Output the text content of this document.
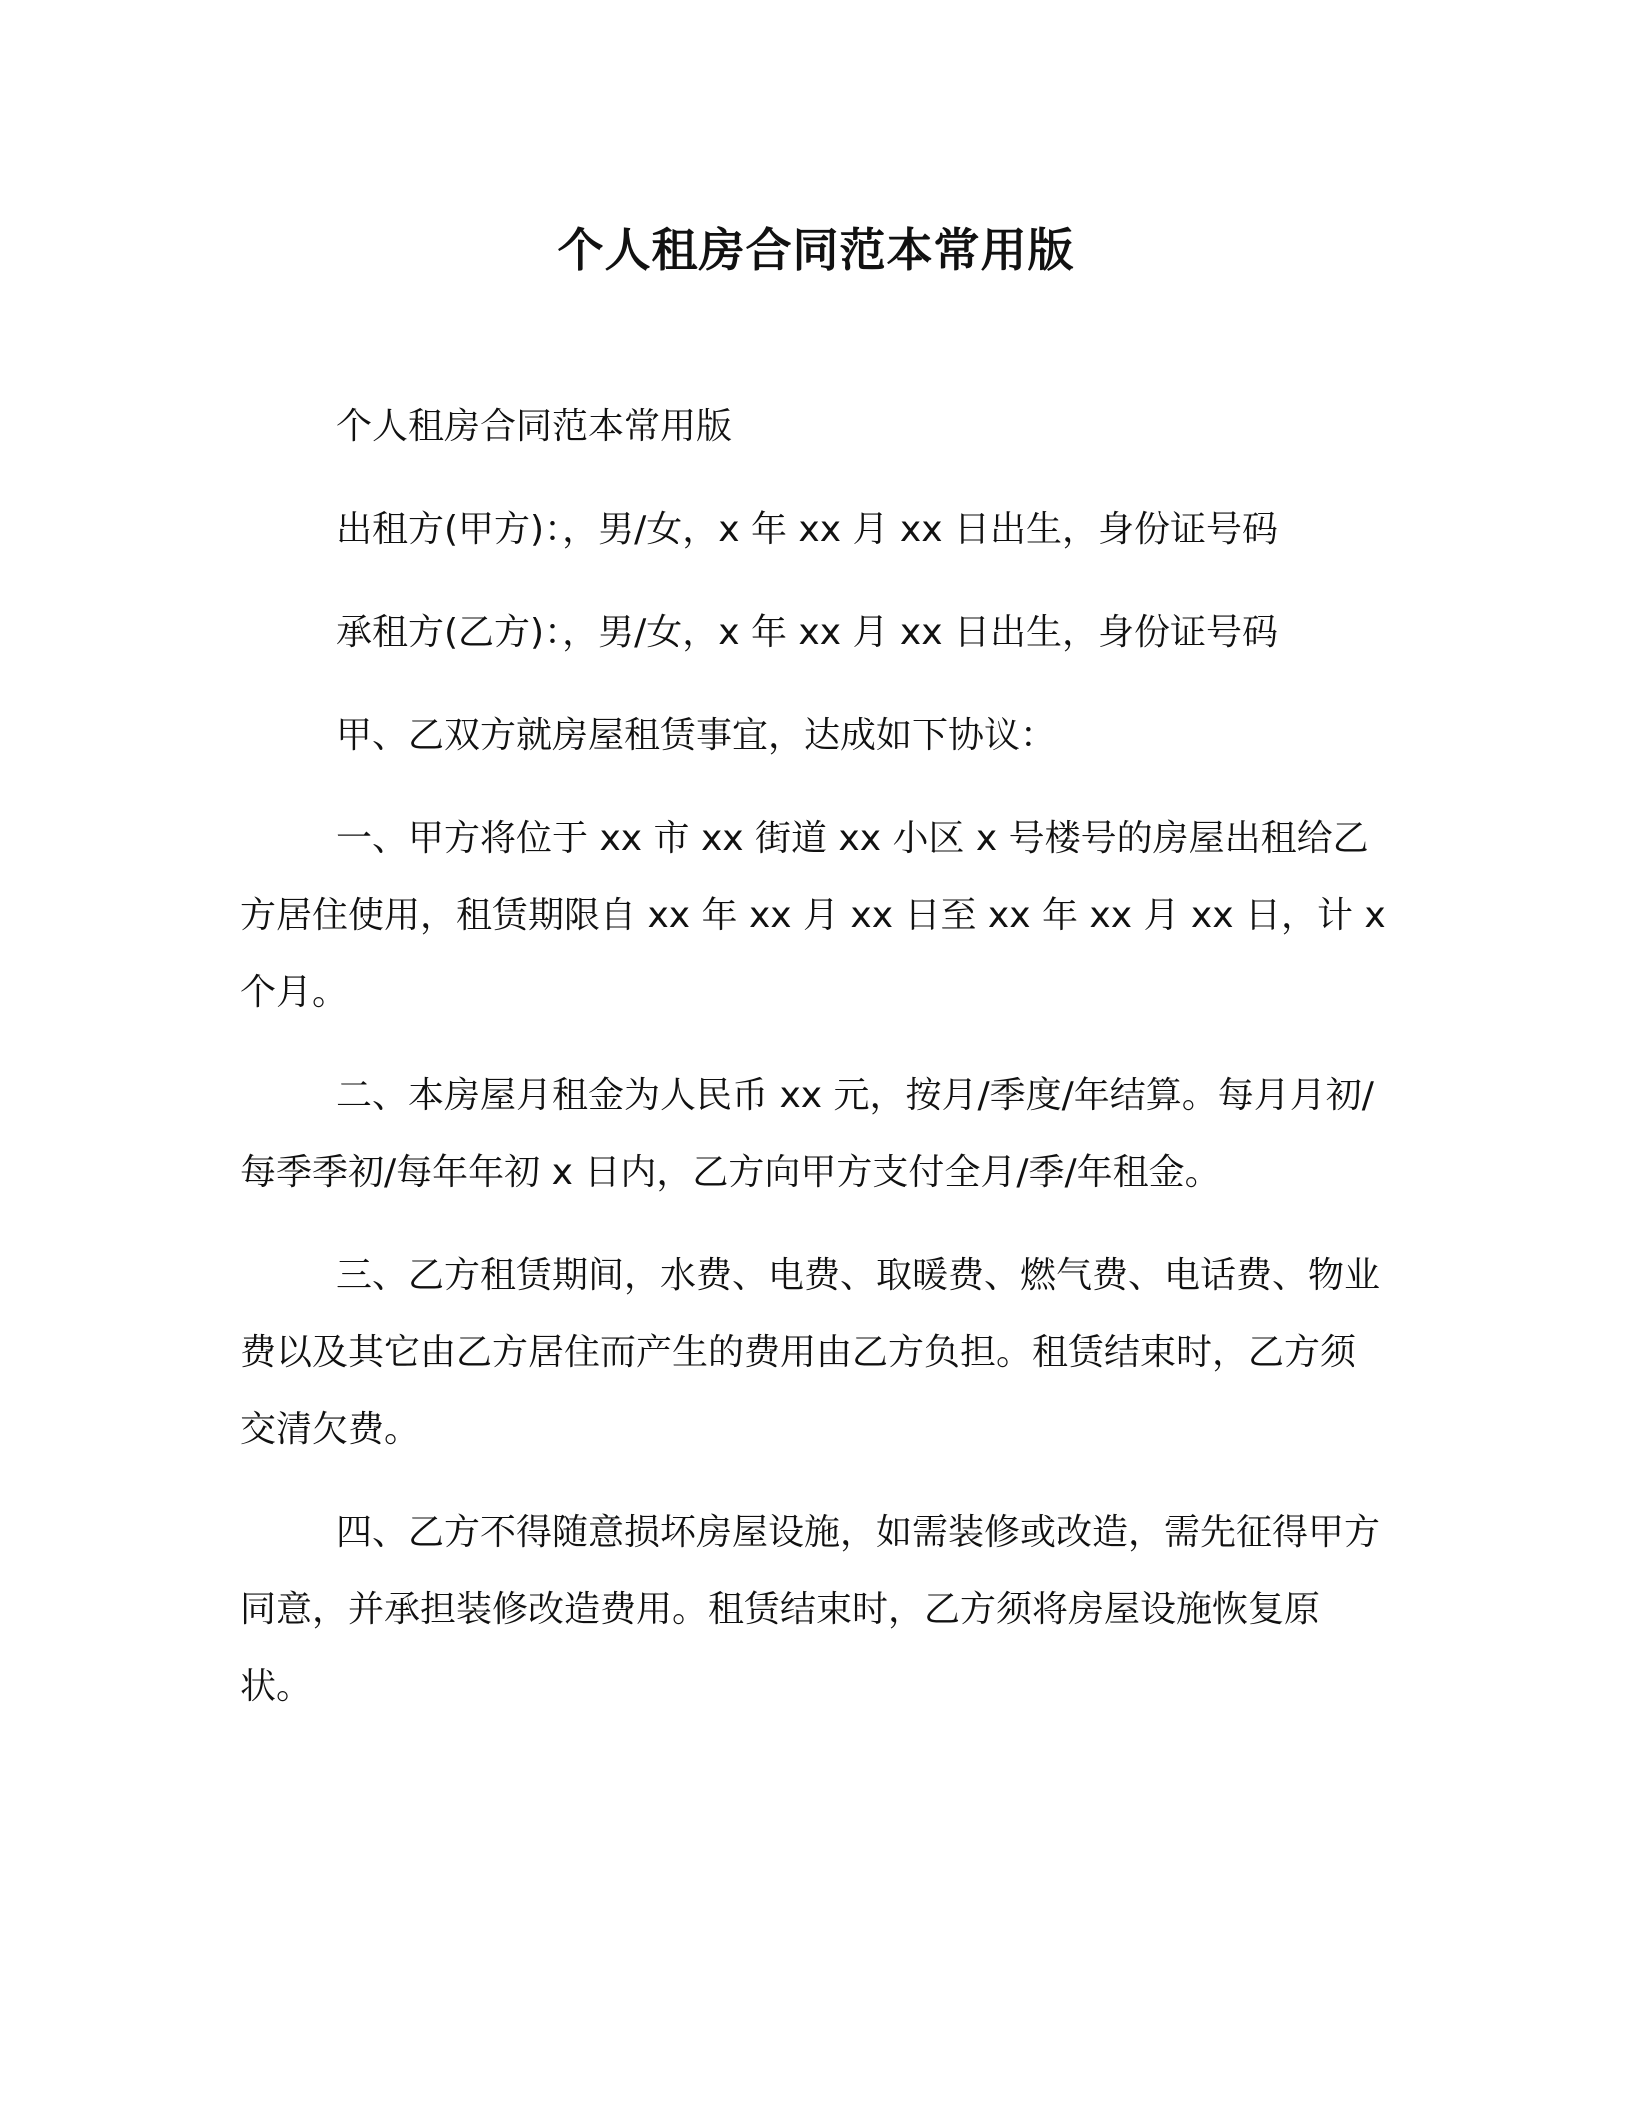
个人租房合同范本常用版

个人租房合同范本常用版

出租方(甲方)：，男/女，x 年 xx 月 xx 日出生，身份证号码

承租方(乙方)：，男/女，x 年 xx 月 xx 日出生，身份证号码

甲、乙双方就房屋租赁事宜，达成如下协议：

一、甲方将位于 xx 市 xx 街道 xx 小区 x 号楼号的房屋出租给乙方居住使用，租赁期限自 xx 年 xx 月 xx 日至 xx 年 xx 月 xx 日，计 x 个月。

二、本房屋月租金为人民币 xx 元，按月/季度/年结算。每月月初/每季季初/每年年初 x 日内，乙方向甲方支付全月/季/年租金。

三、乙方租赁期间，水费、电费、取暖费、燃气费、电话费、物业费以及其它由乙方居住而产生的费用由乙方负担。租赁结束时，乙方须交清欠费。

四、乙方不得随意损坏房屋设施，如需装修或改造，需先征得甲方同意，并承担装修改造费用。租赁结束时，乙方须将房屋设施恢复原状。
